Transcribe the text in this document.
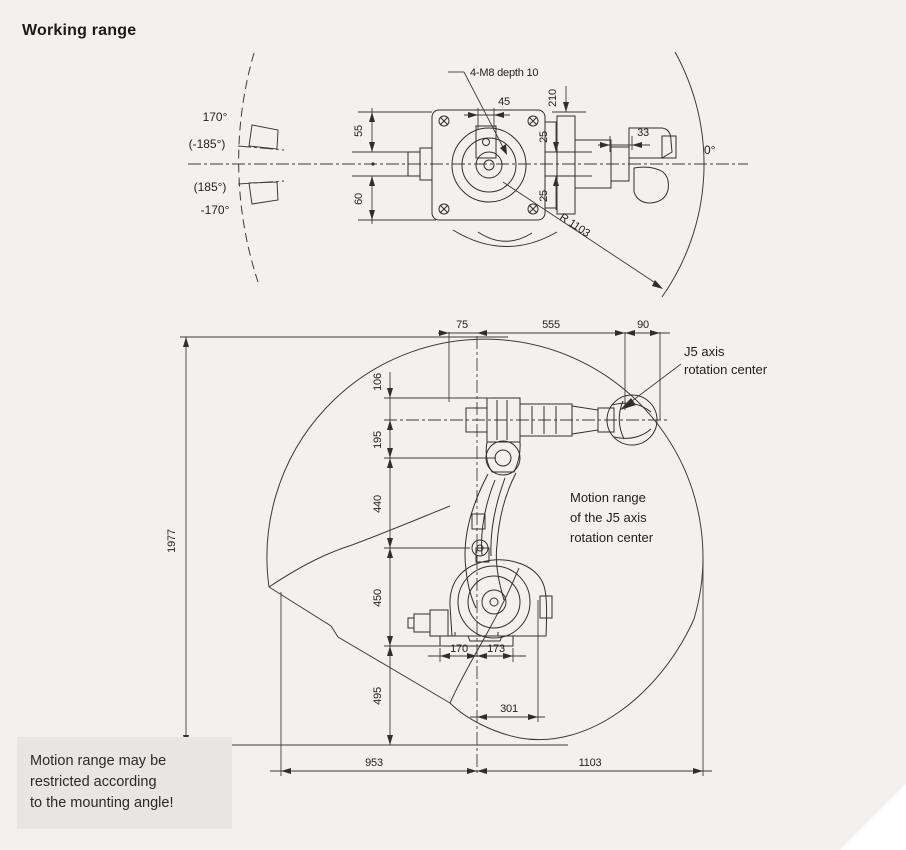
Working range
45	210
55
60
25
25
33
R 1103
4-M8 depth 10
170°
(-185°)
(185°)
-170°
0°
75	555	90
106
195
440
450
495
1977
170 173
301
953	1103
J5 axis
rotation center
Motion range
of the J5 axis
rotation center
Motion range may be
restricted according
to the mounting angle!
